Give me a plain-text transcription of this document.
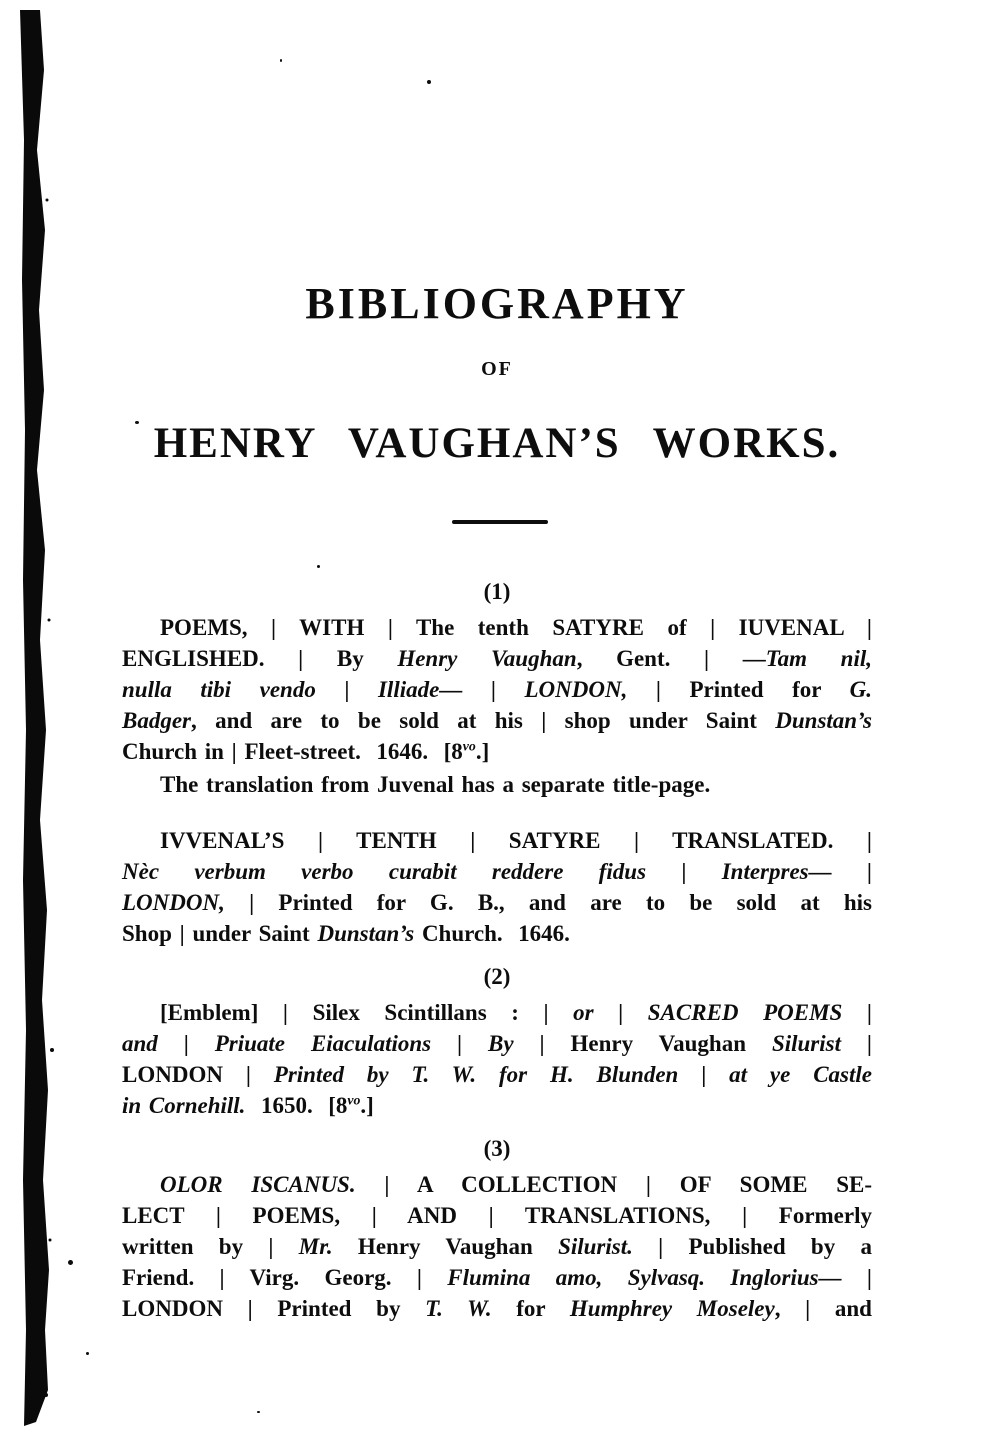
BIBLIOGRAPHY
OF
HENRY VAUGHAN’S WORKS.
(1)
POEMS, | WITH | The tenth SATYRE of | IUVENAL |
ENGLISHED. | By Henry Vaughan, Gent. | —Tam nil,
nulla tibi vendo | Illiade— | LONDON, | Printed for G.
Badger, and are to be sold at his | shop under Saint Dunstan’s
Church in | Fleet-street.  1646.  $[8^{vo}.]$
The translation from Juvenal has a separate title-page.
IVVENAL’S | TENTH | SATYRE | TRANSLATED. |
Nèc verbum verbo curabit reddere fidus | Interpres— |
LONDON, | Printed for G. B., and are to be sold at his
Shop | under Saint Dunstan’s Church.  1646.
(2)
[Emblem] | Silex Scintillans : | or | SACRED POEMS |
and | Priuate Eiaculations | By | Henry Vaughan Silurist |
LONDON | Printed by T. W. for H. Blunden | at ye Castle
in Cornehill.  1650.  $[8^{vo}.]$
(3)
OLOR ISCANUS. | A COLLECTION | OF SOME SE-
LECT | POEMS, | AND | TRANSLATIONS, | Formerly
written by | Mr. Henry Vaughan Silurist. | Published by a
Friend. | Virg. Georg. | Flumina amo, Sylvasq. Inglorius— |
LONDON | Printed by T. W. for Humphrey Moseley, | and
